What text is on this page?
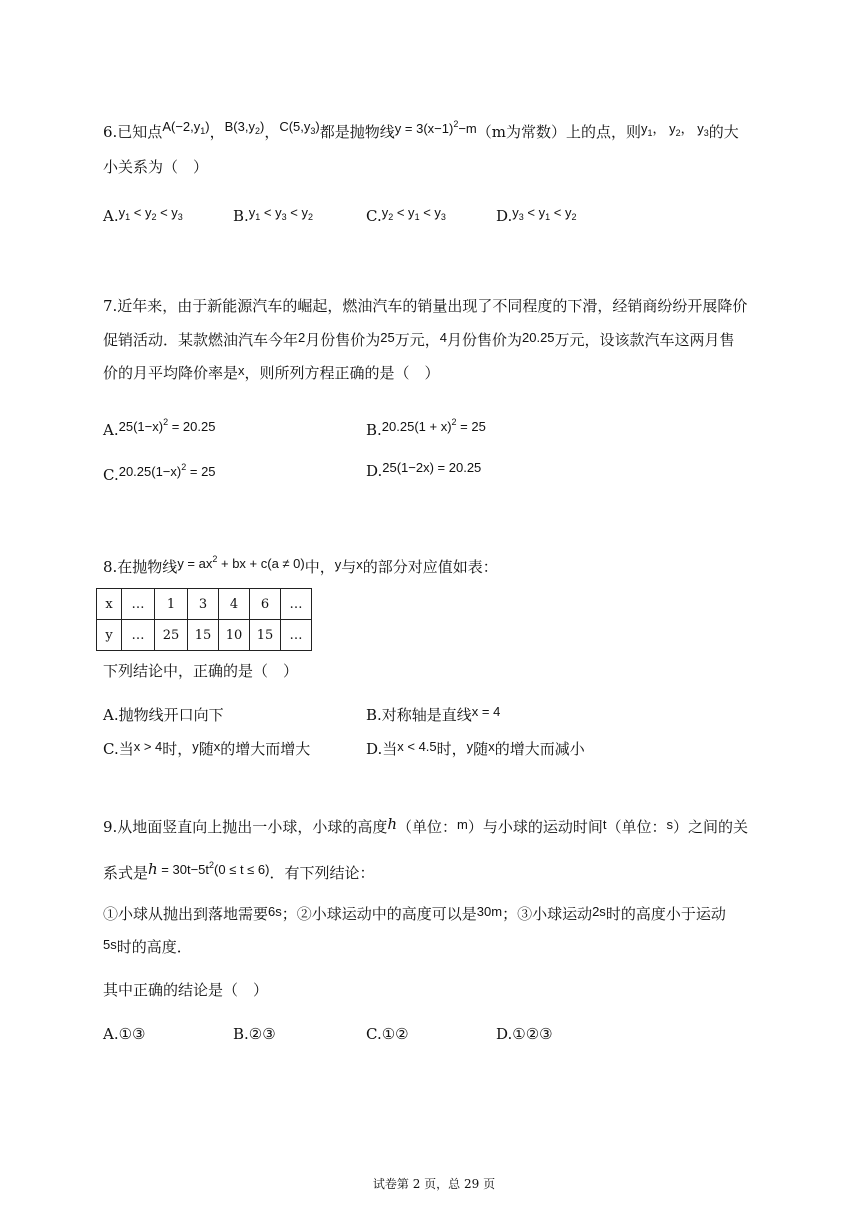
6.已知点$A(-2,y_1)$，$B(3,y_2)$，$C(5,y_3)$都是抛物线$y = 3(x-1)^2-m(m$为常数）上的点，则$y_1$， $y_2$， $y_3$的大
小关系为（　）
$A.y_1 < y_2 < y_3$	$B.y_1 < y_3 < y_2$	$C.y_2 < y_1 < y_3$	$D.y_3 < y_1 < y_2$
7.近年来，由于新能源汽车的崛起，燃油汽车的销量出现了不同程度的下滑，经销商纷纷开展降价
促销活动．某款燃油汽车今年2月份售价为25万元，4月份售价为20.25万元，设该款汽车这两月售
价的月平均降价率是x，则所列方程正确的是（　）
$A.25(1-x)^2 = 20.25$	$B.20.25(1 + x)^2 = 25$
$C.20.25(1-x)^2 = 25$	D.25(1−2x) = 20.25
8.在抛物线$y = ax^2$ + bx + c(a ≠ 0)中，y与x的部分对应值如表：
x	…	1	3	4	6	…
y	…	25	15	10	15	…
下列结论中，正确的是（　）
A.抛物线开口向下	B.对称轴是直线x = 4
C.当x > 4时，y随x的增大而增大	D.当x < 4.5时，y随x的增大而减小
9.从地面竖直向上抛出一小球，小球的高度h（单位：m）与小球的运动时间t（单位：s）之间的关
系式是$h = 30t-5t^2(0 \le t \le 6)$．有下列结论：
①小球从抛出到落地需要6s；②小球运动中的高度可以是30m；③小球运动2s时的高度小于运动
5s时的高度．
其中正确的结论是（　）
A.①③	B.②③	C.①②	D.①②③
试卷第 2 页，总 29 页
